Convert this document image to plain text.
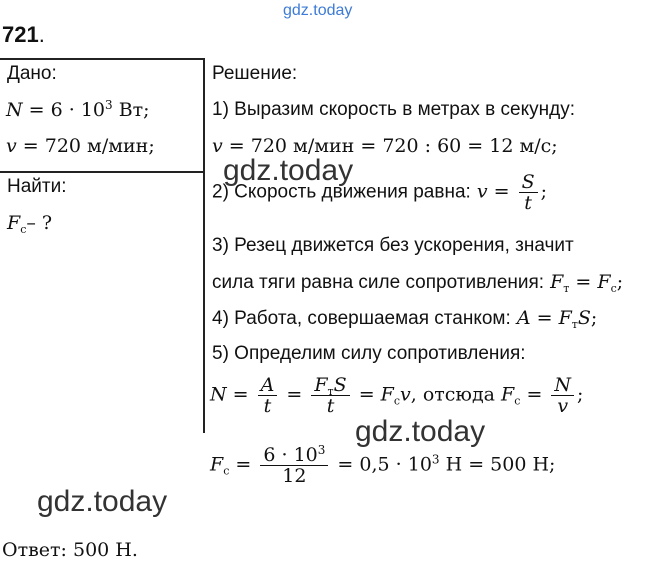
gdz.today
gdz.today
gdz.today
gdz.today
721.
Дано:
$N = 6 \cdot 10^3$ Вт;
v = 720 м/мин;
Найти:
$F_c-$ ?
Решение:
1) Выразим скорость в метрах в секунду:
v = 720 м/мин = 720 : 60 = 12 м/с;
2) Скорость движения равна: $v = \frac{S}{t}$ ;
3) Резец движется без ускорения, значит
сила тяги равна силе сопротивления: $F_т = F_c$;
4) Работа, совершаемая станком: $A = F_тS$;
5) Определим силу сопротивления:
$N = \frac{A}{t} = \frac{F_тS}{t} = F_cv$, отсюда $F_c = \frac{N}{v}$ ;
$F_c = \frac{6 \cdot 10^3}{12} = 0,5 \cdot 10^3$ Н = 500 Н;
Ответ: 500 Н.
